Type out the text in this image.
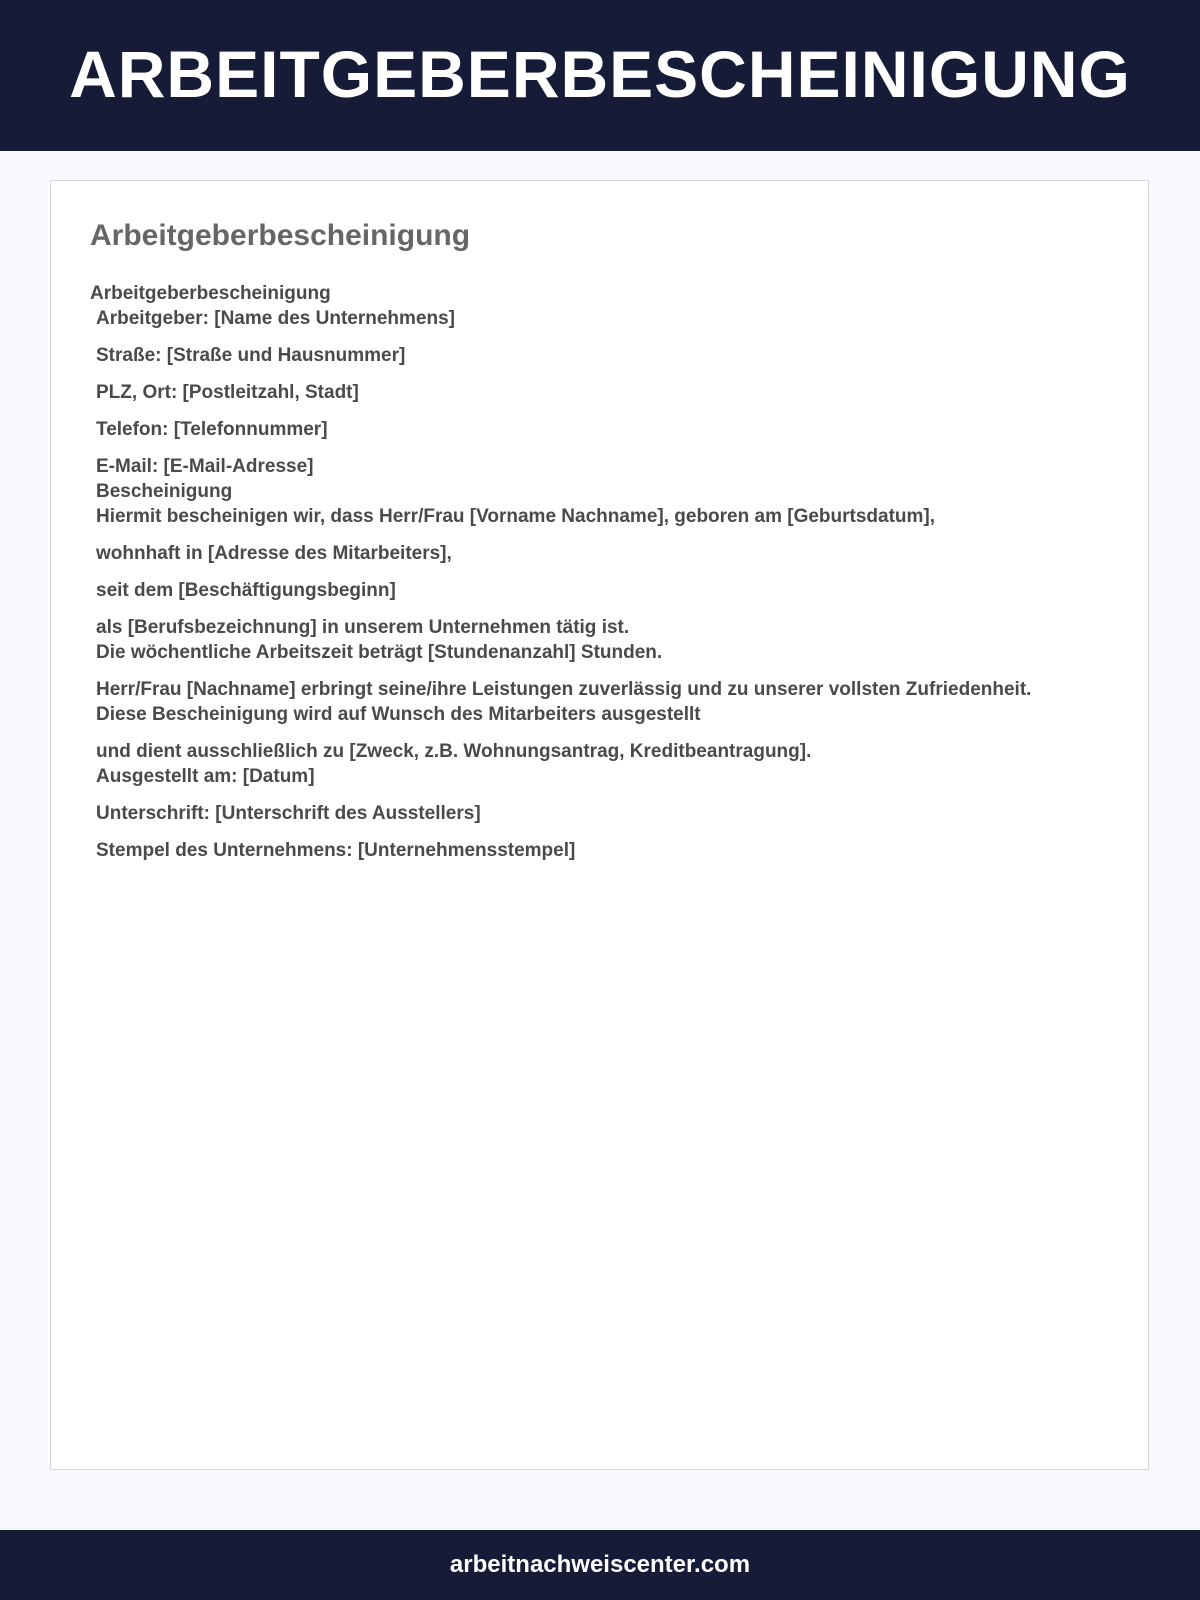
ARBEITGEBERBESCHEINIGUNG
Arbeitgeberbescheinigung

Arbeitgeberbescheinigung

Arbeitgeber: [Name des Unternehmens]

Straße: [Straße und Hausnummer]

PLZ, Ort: [Postleitzahl, Stadt]

Telefon: [Telefonnummer]

E-Mail: [E-Mail-Adresse]

Bescheinigung

Hiermit bescheinigen wir, dass Herr/Frau [Vorname Nachname], geboren am [Geburtsdatum],

wohnhaft in [Adresse des Mitarbeiters],

seit dem [Beschäftigungsbeginn]

als [Berufsbezeichnung] in unserem Unternehmen tätig ist.

Die wöchentliche Arbeitszeit beträgt [Stundenanzahl] Stunden.

Herr/Frau [Nachname] erbringt seine/ihre Leistungen zuverlässig und zu unserer vollsten Zufriedenheit.

Diese Bescheinigung wird auf Wunsch des Mitarbeiters ausgestellt

und dient ausschließlich zu [Zweck, z.B. Wohnungsantrag, Kreditbeantragung].

Ausgestellt am: [Datum]

Unterschrift: [Unterschrift des Ausstellers]

Stempel des Unternehmens: [Unternehmensstempel]

arbeitnachweiscenter.com
